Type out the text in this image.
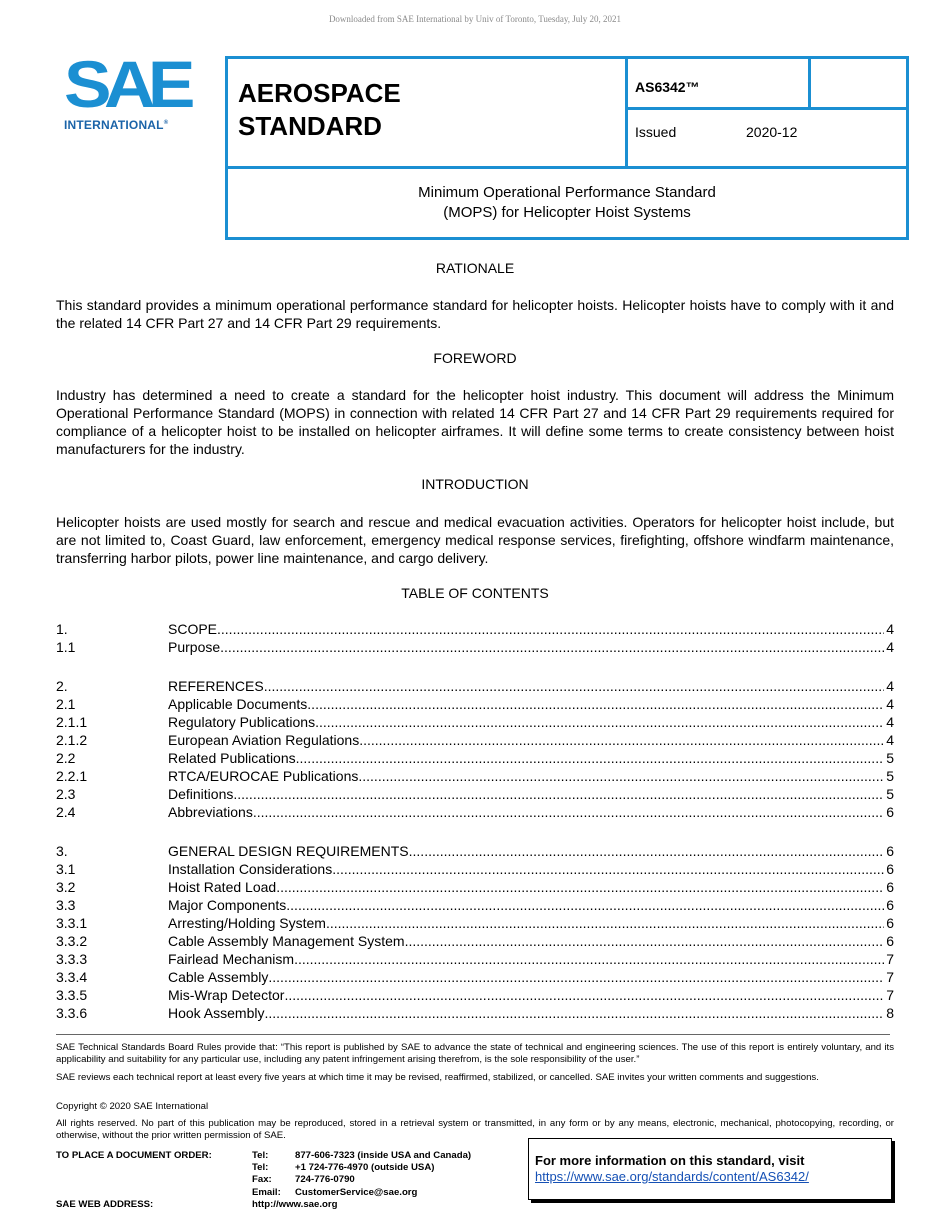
Downloaded from SAE International by Univ of Toronto, Tuesday, July 20, 2021
SAE
INTERNATIONAL®
AEROSPACE
STANDARD
AS6342™
Issued	2020-12
Minimum Operational Performance Standard
(MOPS) for Helicopter Hoist Systems
RATIONALE
This standard provides a minimum operational performance standard for helicopter hoists. Helicopter hoists have to comply with it and the related 14 CFR Part 27 and 14 CFR Part 29 requirements.
FOREWORD
Industry has determined a need to create a standard for the helicopter hoist industry. This document will address the Minimum Operational Performance Standard (MOPS) in connection with related 14 CFR Part 27 and 14 CFR Part 29 requirements required for compliance of a helicopter hoist to be installed on helicopter airframes. It will define some terms to create consistency between hoist manufacturers for the industry.
INTRODUCTION
Helicopter hoists are used mostly for search and rescue and medical evacuation activities. Operators for helicopter hoist include, but are not limited to, Coast Guard, law enforcement, emergency medical response services, firefighting, offshore windfarm maintenance, transferring harbor pilots, power line maintenance, and cargo delivery.
TABLE OF CONTENTS
1.	SCOPE .....	4
1.1	Purpose .....	4
2.	REFERENCES .....	4
2.1	Applicable Documents .....	4
2.1.1	Regulatory Publications .....	4
2.1.2	European Aviation Regulations .....	4
2.2	Related Publications .....	5
2.2.1	RTCA/EUROCAE Publications .....	5
2.3	Definitions .....	5
2.4	Abbreviations .....	6
3.	GENERAL DESIGN REQUIREMENTS .....	6
3.1	Installation Considerations .....	6
3.2	Hoist Rated Load .....	6
3.3	Major Components .....	6
3.3.1	Arresting/Holding System .....	6
3.3.2	Cable Assembly Management System .....	6
3.3.3	Fairlead Mechanism .....	7
3.3.4	Cable Assembly .....	7
3.3.5	Mis-Wrap Detector .....	7
3.3.6	Hook Assembly .....	8
SAE Technical Standards Board Rules provide that: “This report is published by SAE to advance the state of technical and engineering sciences. The use of this report is entirely voluntary, and its applicability and suitability for any particular use, including any patent infringement arising therefrom, is the sole responsibility of the user.”
SAE reviews each technical report at least every five years at which time it may be revised, reaffirmed, stabilized, or cancelled. SAE invites your written comments and suggestions.
Copyright © 2020 SAE International
All rights reserved. No part of this publication may be reproduced, stored in a retrieval system or transmitted, in any form or by any means, electronic, mechanical, photocopying, recording, or otherwise, without the prior written permission of SAE.
TO PLACE A DOCUMENT ORDER:
SAE WEB ADDRESS:
Tel:	877-606-7323 (inside USA and Canada)
Tel:	+1 724-776-4970 (outside USA)
Fax: 724-776-0790
Email: CustomerService@sae.org
http://www.sae.org
For more information on this standard, visit
https://www.sae.org/standards/content/AS6342/
